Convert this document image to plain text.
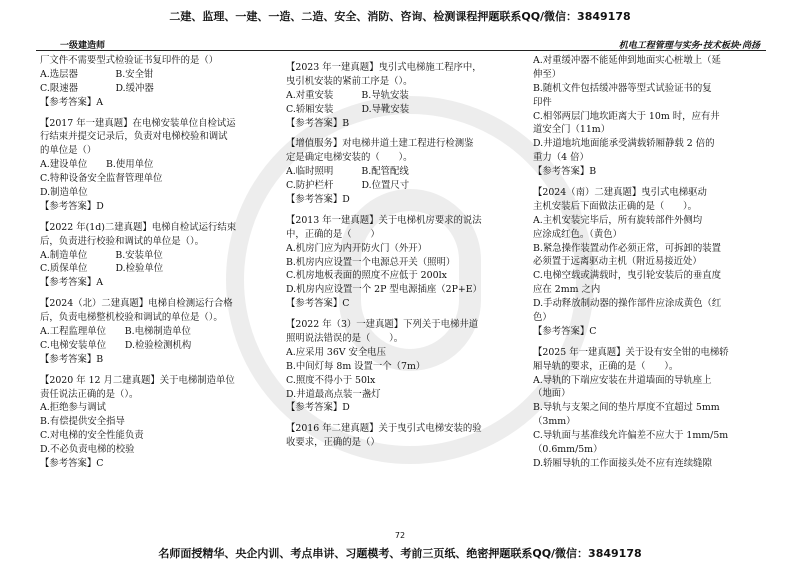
二建、监理、一建、一造、二造、安全、消防、咨询、检测课程押题联系QQ/微信：3849178
一级建造师	机电工程管理与实务·技术板块·尚扬
厂文件不需要型式检验证书复印件的是（）
A.选层器　　　　B.安全钳
C.限速器　　　　D.缓冲器
【参考答案】A
【2017 年一建真题】在电梯安装单位自检试运
行结束并提交记录后，负责对电梯校验和调试
的单位是（）
A.建设单位　　B.使用单位
C.特种设备安全监督管理单位
D.制造单位
【参考答案】D
【2022 年(1d)二建真题】电梯自检试运行结束
后，负责进行校验和调试的单位是（）。
A.制造单位　　　B.安装单位
C.质保单位　　　D.检验单位
【参考答案】A
【2024（北）二建真题】电梯自检测运行合格
后，负责电梯整机校验和调试的单位是（）。
A.工程监理单位　　B.电梯制造单位
C.电梯安装单位　　D.检验检测机构
【参考答案】B
【2020 年 12 月二建真题】关于电梯制造单位
责任说法正确的是（）。
A.拒绝参与调试
B.有偿提供安全指导
C.对电梯的安全性能负责
D.不必负责电梯的校验
【参考答案】C
【2023 年一建真题】曳引式电梯施工程序中，
曳引机安装的紧前工序是（）。
A.对重安装　　　B.导轨安装
C.轿厢安装　　　D.导靴安装
【参考答案】B
【增值服务】对电梯井道土建工程进行检测鉴
定是确定电梯安装的（　　）。
A.临时照明　　　B.配管配线
C.防护栏杆　　　D.位置尺寸
【参考答案】D
【2013 年一建真题】关于电梯机房要求的说法
中，正确的是（　　）
A.机房门应为内开防火门（外开）
B.机房内应设置一个电源总开关（照明）
C.机房地板表面的照度不应低于 200lx
D.机房内应设置一个 2P 型电源插座（2P+E）
【参考答案】C
【2022 年（3）一建真题】下列关于电梯井道
照明说法错误的是（　　）。
A.应采用 36V 安全电压
B.中间灯每 8m 设置一个（7m）
C.照度不得小于 50lx
D.井道最高点装一盏灯
【参考答案】D
【2016 年二建真题】关于曳引式电梯安装的验
收要求，正确的是（）
A.对重缓冲器不能延伸到地面实心桩墩上（延
伸至）
B.随机文件包括缓冲器等型式试验证书的复
印件
C.相邻两层门地坎距离大于 10m 时，应有井
道安全门（11m）
D.井道地坑地面能承受满载轿厢静载 2 倍的
重力（4 倍）
【参考答案】B
【2024（南）二建真题】曳引式电梯驱动
主机安装后下面做法正确的是（　　）。
A.主机安装完毕后，所有旋转部件外侧均
应涂成红色。（黄色）
B.紧急操作装置动作必须正常，可拆卸的装置
必须置于远离驱动主机（附近易接近处）
C.电梯空载或满载时，曳引轮安装后的垂直度
应在 2mm 之内
D.手动释放制动器的操作部件应涂成黄色（红
色）
【参考答案】C
【2025 年一建真题】关于设有安全钳的电梯轿
厢导轨的要求，正确的是（　　）。
A.导轨的下端应安装在井道墙面的导轨座上
（地面）
B.导轨与支架之间的垫片厚度不宜超过 5mm
（3mm）
C.导轨面与基准线允许偏差不应大于 1mm/5m
（0.6mm/5m）
D.轿厢导轨的工作面接头处不应有连续缝隙
72
名师面授精华、央企内训、考点串讲、习题模考、考前三页纸、绝密押题联系QQ/微信：3849178
